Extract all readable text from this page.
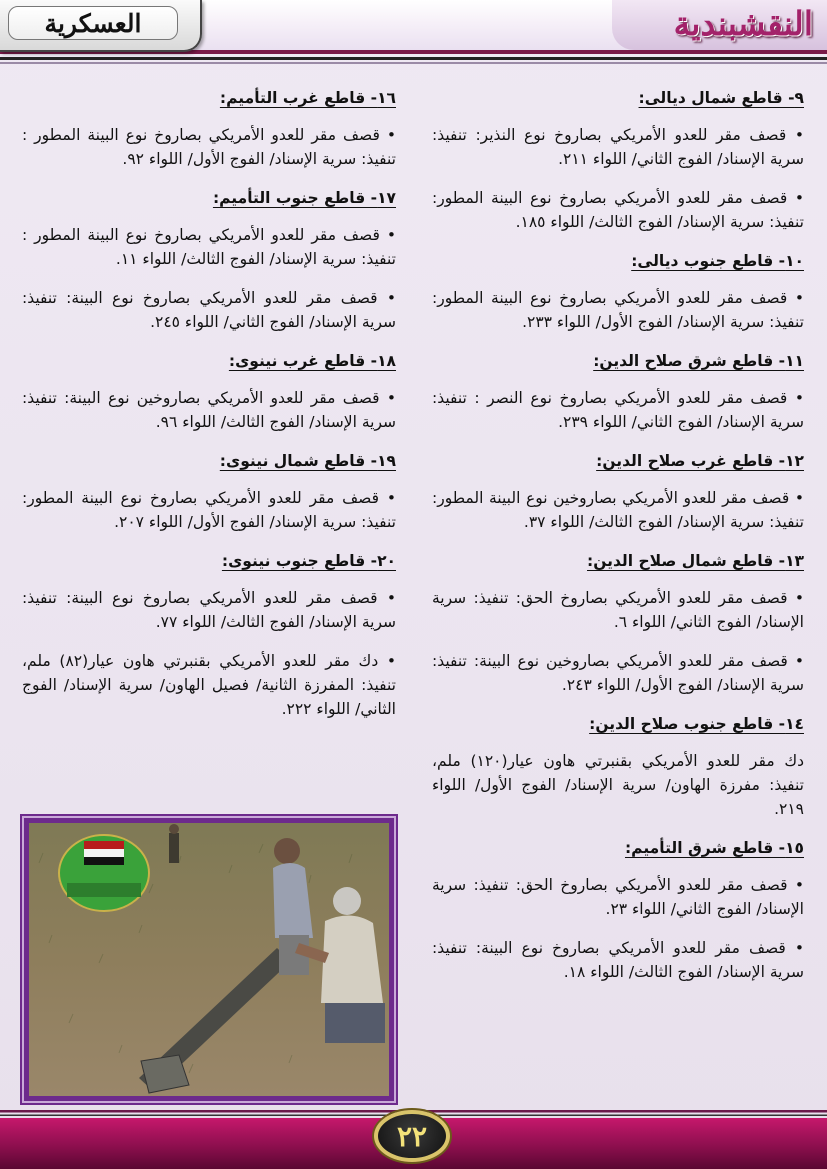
العسكرية	النقشبندية
٩- قاطع شمال ديالى:
• قصف مقر للعدو الأمريكي بصاروخ نوع النذير: تنفيذ: سرية الإسناد/ الفوج الثاني/ اللواء ٢١١.
• قصف مقر للعدو الأمريكي بصاروخ نوع البينة المطور: تنفيذ: سرية الإسناد/ الفوج الثالث/ اللواء ١٨٥.
١٠- قاطع جنوب ديالى:
• قصف مقر للعدو الأمريكي بصاروخ نوع البينة المطور: تنفيذ: سرية الإسناد/ الفوج الأول/ اللواء ٢٣٣.
١١- قاطع شرق صلاح الدين:
• قصف مقر للعدو الأمريكي بصاروخ نوع النصر : تنفيذ: سرية الإسناد/ الفوج الثاني/ اللواء ٢٣٩.
١٢- قاطع غرب صلاح الدين:
• قصف مقر للعدو الأمريكي بصاروخين نوع البينة المطور: تنفيذ: سرية الإسناد/ الفوج الثالث/ اللواء ٣٧.
١٣- قاطع شمال صلاح الدين:
• قصف مقر للعدو الأمريكي بصاروخ الحق: تنفيذ: سرية الإسناد/ الفوج الثاني/ اللواء ٦.
• قصف مقر للعدو الأمريكي بصاروخين نوع البينة: تنفيذ: سرية الإسناد/ الفوج الأول/ اللواء ٢٤٣.
١٤- قاطع جنوب صلاح الدين:
دك مقر للعدو الأمريكي بقنبرتي هاون عيار(١٢٠) ملم، تنفيذ: مفرزة الهاون/ سرية الإسناد/ الفوج الأول/ اللواء ٢١٩.
١٥- قاطع شرق التأميم:
• قصف مقر للعدو الأمريكي بصاروخ الحق: تنفيذ: سرية الإسناد/ الفوج الثاني/ اللواء ٢٣.
• قصف مقر للعدو الأمريكي بصاروخ نوع البينة: تنفيذ: سرية الإسناد/ الفوج الثالث/ اللواء ١٨.
١٦- قاطع غرب التأميم:
• قصف مقر للعدو الأمريكي بصاروخ نوع البينة المطور : تنفيذ: سرية الإسناد/ الفوج الأول/ اللواء ٩٢.
١٧- قاطع جنوب التأميم:
• قصف مقر للعدو الأمريكي بصاروخ نوع البينة المطور : تنفيذ: سرية الإسناد/ الفوج الثالث/ اللواء ١١.
• قصف مقر للعدو الأمريكي بصاروخ نوع البينة: تنفيذ: سرية الإسناد/ الفوج الثاني/ اللواء ٢٤٥.
١٨- قاطع غرب نينوى:
• قصف مقر للعدو الأمريكي بصاروخين نوع البينة: تنفيذ: سرية الإسناد/ الفوج الثالث/ اللواء ٩٦.
١٩- قاطع شمال نينوى:
• قصف مقر للعدو الأمريكي بصاروخ نوع البينة المطور: تنفيذ: سرية الإسناد/ الفوج الأول/ اللواء ٢٠٧.
٢٠- قاطع جنوب نينوى:
• قصف مقر للعدو الأمريكي بصاروخ نوع البينة: تنفيذ: سرية الإسناد/ الفوج الثالث/ اللواء ٧٧.
• دك مقر للعدو الأمريكي بقنبرتي هاون عيار(٨٢) ملم، تنفيذ: المفرزة الثانية/ فصيل الهاون/ سرية الإسناد/ الفوج الثاني/ اللواء ٢٢٢.
٢٢
